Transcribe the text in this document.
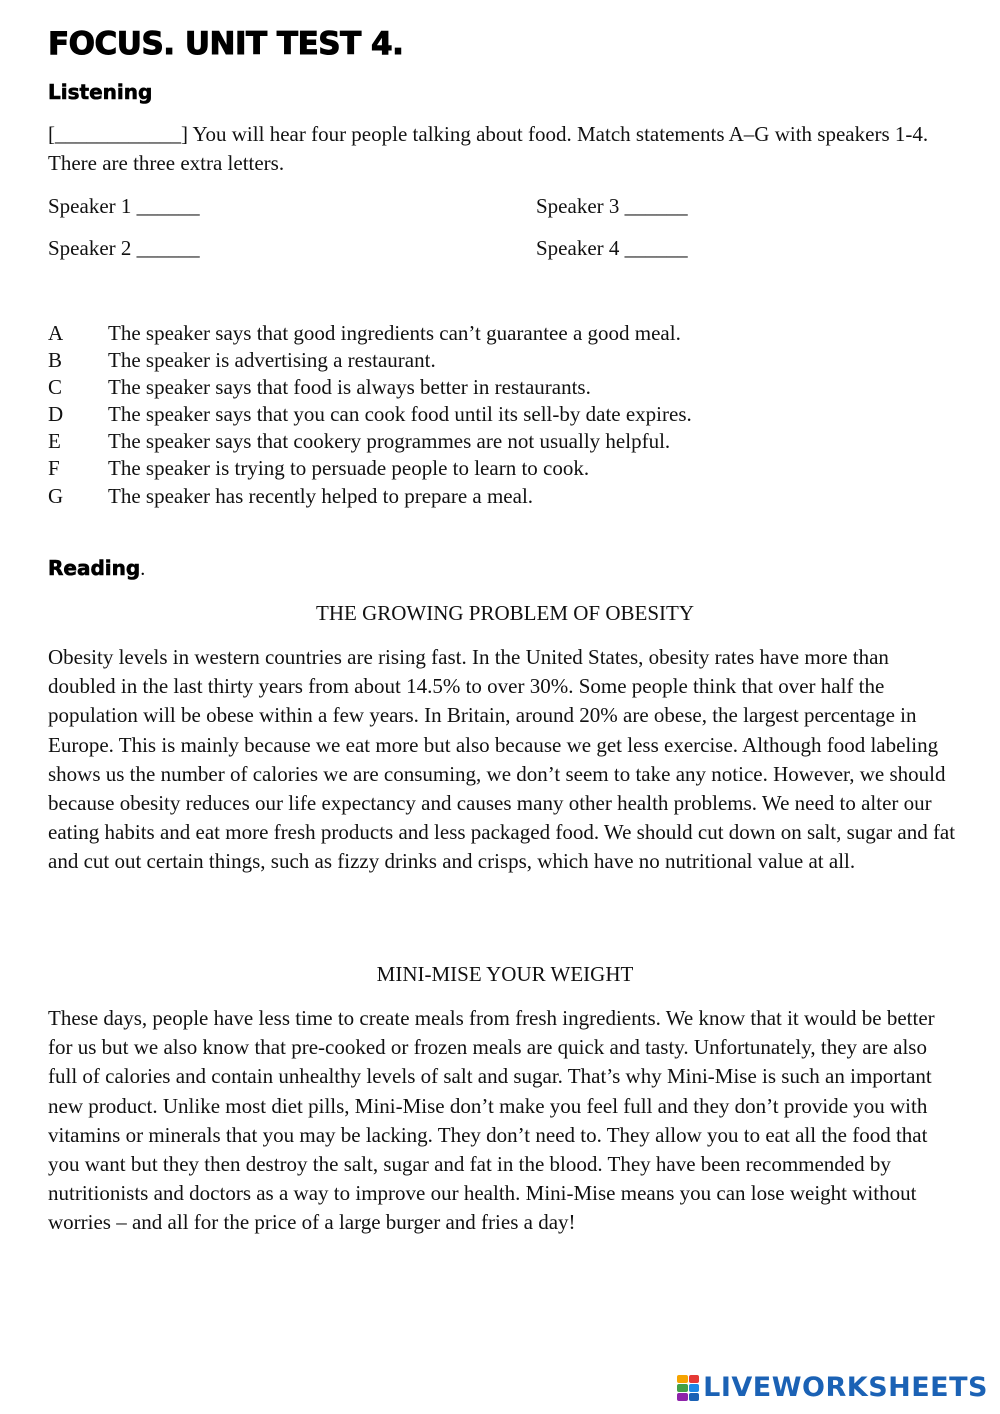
FOCUS. UNIT TEST 4.
Listening

[____________] You will hear four people talking about food. Match statements A–G with speakers 1-4. There are three extra letters.

Speaker 1 ______

Speaker 2 ______

Speaker 3 ______

Speaker 4 ______

A	The speaker says that good ingredients can’t guarantee a good meal.
B	The speaker is advertising a restaurant.
C	The speaker says that food is always better in restaurants.
D	The speaker says that you can cook food until its sell-by date expires.
E	The speaker says that cookery programmes are not usually helpful.
F	The speaker is trying to persuade people to learn to cook.
G	The speaker has recently helped to prepare a meal.
Reading.

THE GROWING PROBLEM OF OBESITY

Obesity levels in western countries are rising fast. In the United States, obesity rates have more than doubled in the last thirty years from about 14.5% to over 30%. Some people think that over half the population will be obese within a few years. In Britain, around 20% are obese, the largest percentage in Europe. This is mainly because we eat more but also because we get less exercise. Although food labeling shows us the number of calories we are consuming, we don’t seem to take any notice. However, we should because obesity reduces our life expectancy and causes many other health problems. We need to alter our eating habits and eat more fresh products and less packaged food. We should cut down on salt, sugar and fat and cut out certain things, such as fizzy drinks and crisps, which have no nutritional value at all.

MINI-MISE YOUR WEIGHT

These days, people have less time to create meals from fresh ingredients. We know that it would be better for us but we also know that pre-cooked or frozen meals are quick and tasty. Unfortunately, they are also full of calories and contain unhealthy levels of salt and sugar. That’s why Mini-Mise is such an important new product. Unlike most diet pills, Mini-Mise don’t make you feel full and they don’t provide you with vitamins or minerals that you may be lacking. They don’t need to. They allow you to eat all the food that you want but they then destroy the salt, sugar and fat in the blood. They have been recommended by nutritionists and doctors as a way to improve our health. Mini-Mise means you can lose weight without worries – and all for the price of a large burger and fries a day!

LIVEWORKSHEETS
